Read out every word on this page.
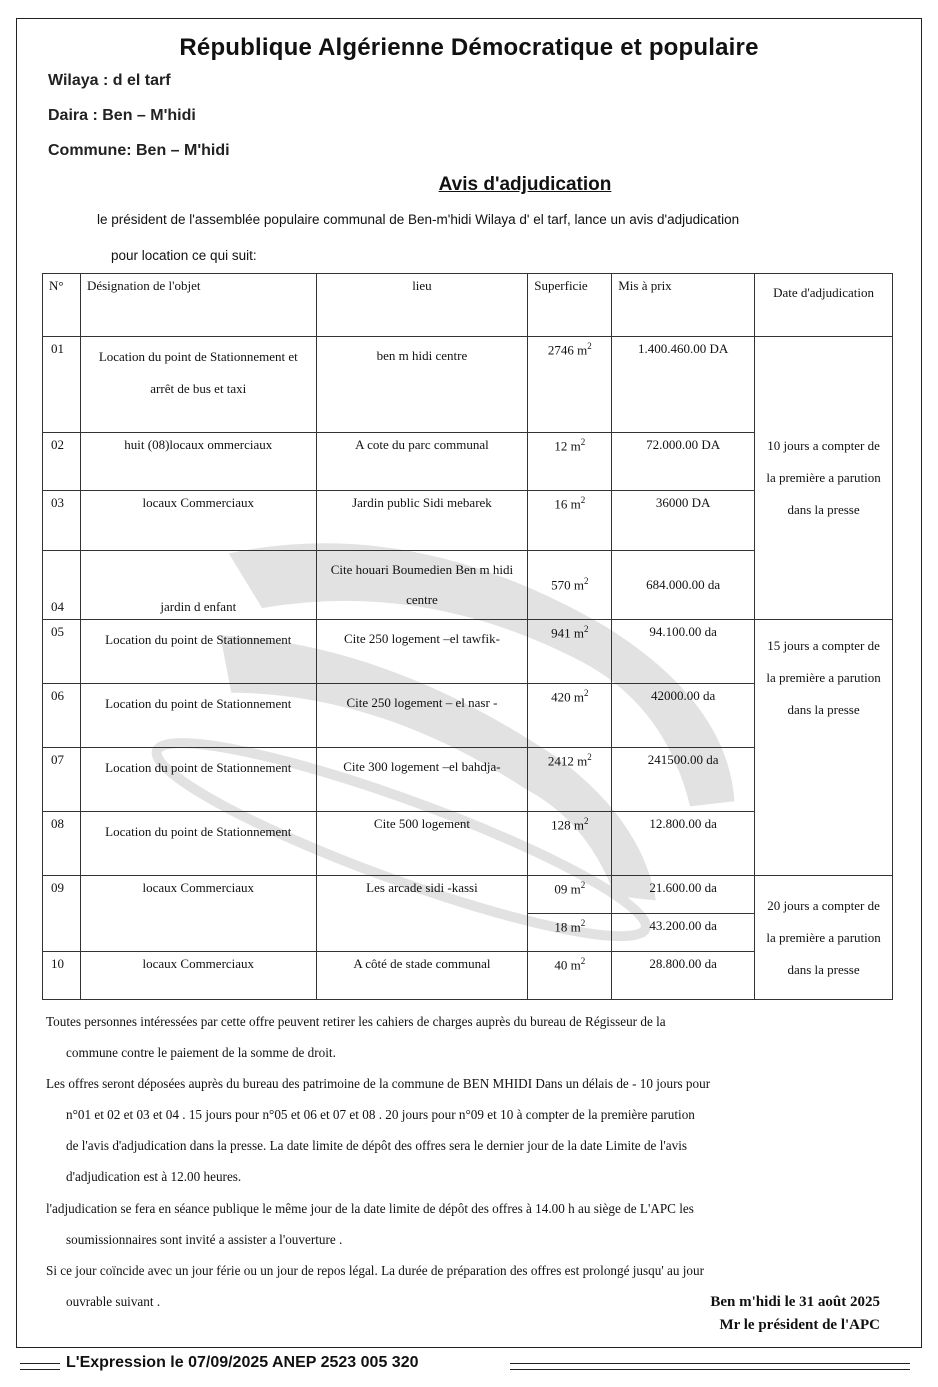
République Algérienne Démocratique et populaire
Wilaya : d el tarf
Daira : Ben – M'hidi
Commune: Ben – M'hidi
Avis d'adjudication
le président de l'assemblée populaire communal de Ben-m'hidi Wilaya d' el tarf, lance un avis d'adjudication
pour location ce qui suit:
N°	Désignation de l'objet	lieu	Superficie	Mis à prix	Date d'adjudication
01	Location du point de Stationnement et arrêt de bus et taxi	ben m hidi centre	2746 $m^2$	1.400.460.00 DA	10 jours a compter de la première a parution dans la presse
02	huit (08)locaux ommerciaux	A cote du parc communal	12 $m^2$	72.000.00 DA	
03	locaux Commerciaux	Jardin public Sidi mebarek	16 $m^2$	36000 DA	
04	jardin d enfant	Cite houari Boumedien Ben m hidi centre	570 $m^2$	684.000.00 da	
05	Location du point de Stationnement	Cite 250 logement –el tawfik-	941 $m^2$	94.100.00 da	15 jours a compter de la première a parution dans la presse
06	Location du point de Stationnement	Cite 250 logement – el nasr -	420 $m^2$	42000.00 da	
07	Location du point de Stationnement	Cite 300 logement –el bahdja-	2412 $m^2$	241500.00 da	
08	Location du point de Stationnement	Cite 500 logement	128 $m^2$	12.800.00 da	
09	locaux Commerciaux	Les arcade sidi -kassi	09 $m^2$	21.600.00 da	20 jours a compter de la première a parution dans la presse
			18 $m^2$	43.200.00 da	
10	locaux Commerciaux	A côté de stade communal	40 $m^2$	28.800.00 da	
Toutes personnes intéressées par cette offre peuvent retirer les cahiers de charges auprès du bureau de Régisseur de la
commune contre le paiement de la somme de droit.
Les offres seront déposées auprès du bureau des patrimoine de la commune de BEN MHIDI Dans un délais de - 10 jours pour
n°01 et 02 et 03 et 04 . 15 jours pour n°05 et 06 et 07 et 08 . 20 jours pour n°09 et 10 à compter de la première parution
de l'avis d'adjudication dans la presse. La date limite de dépôt des offres sera le dernier jour de la date Limite de l'avis
d'adjudication est à 12.00 heures.
l'adjudication se fera en séance publique le même jour de la date limite de dépôt des offres à 14.00 h au siège de L'APC les
soumissionnaires sont invité a assister a l'ouverture .
Si ce jour coïncide avec un jour férie ou un jour de repos légal. La durée de préparation des offres est prolongé jusqu' au jour
ouvrable suivant .	Ben m'hidi le 31 août 2025
Mr le président de l'APC
L'Expression le 07/09/2025 ANEP 2523 005 320
